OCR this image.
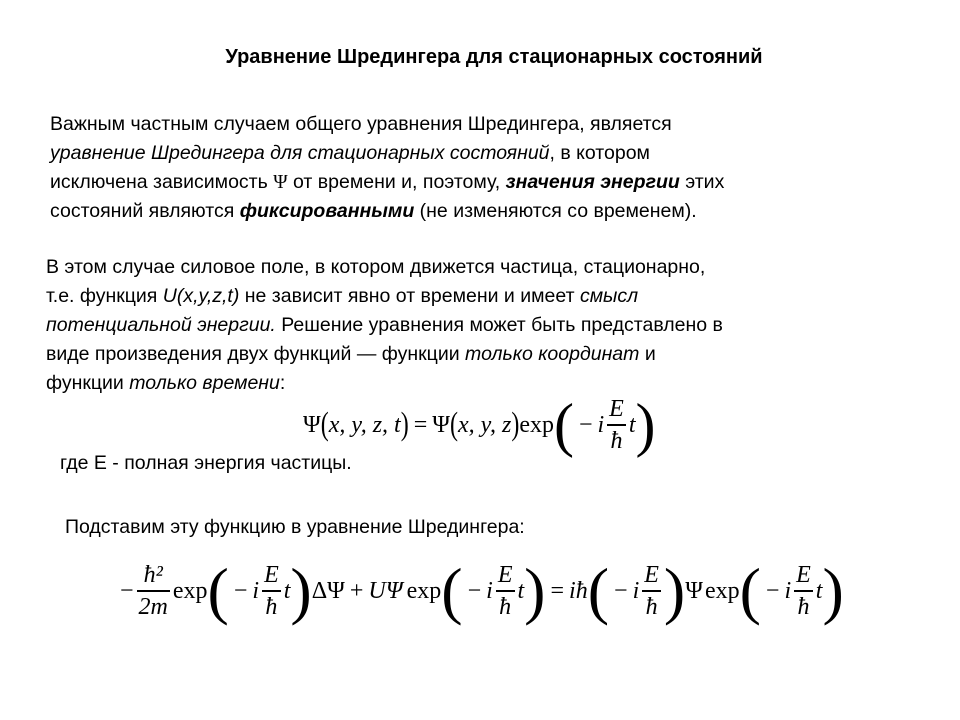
Уравнение Шредингера для стационарных состояний
Важным частным случаем общего уравнения Шредингера, является
уравнение Шредингера для стационарных состояний, в котором
исключена зависимость Ψ от времени и, поэтому, значения энергии этих
состояний являются фиксированными (не изменяются со временем).
В этом случае силовое поле, в котором движется частица, стационарно,
т.е. функция U(x,y,z,t) не зависит явно от времени и имеет смысл
потенциальной энергии. Решение уравнения может быть представлено в
виде произведения двух функций — функции только координат и
функции только времени:
Ψ ( x, y, z, t ) = Ψ ( x, y, z ) exp ( − i $\frac{E}{ħ}$ t )
где Е - полная энергия частицы.
Подставим эту функцию в уравнение Шредингера:
− $\frac{\text{ħ²}}{2m}$ exp ( − i $\frac{E}{ħ}$ t ) ΔΨ + UΨ exp ( − i $\frac{E}{ħ}$ t ) = iħ ( − i $\frac{E}{ħ}$ ) Ψ exp ( − i $\frac{E}{ħ}$ t )
